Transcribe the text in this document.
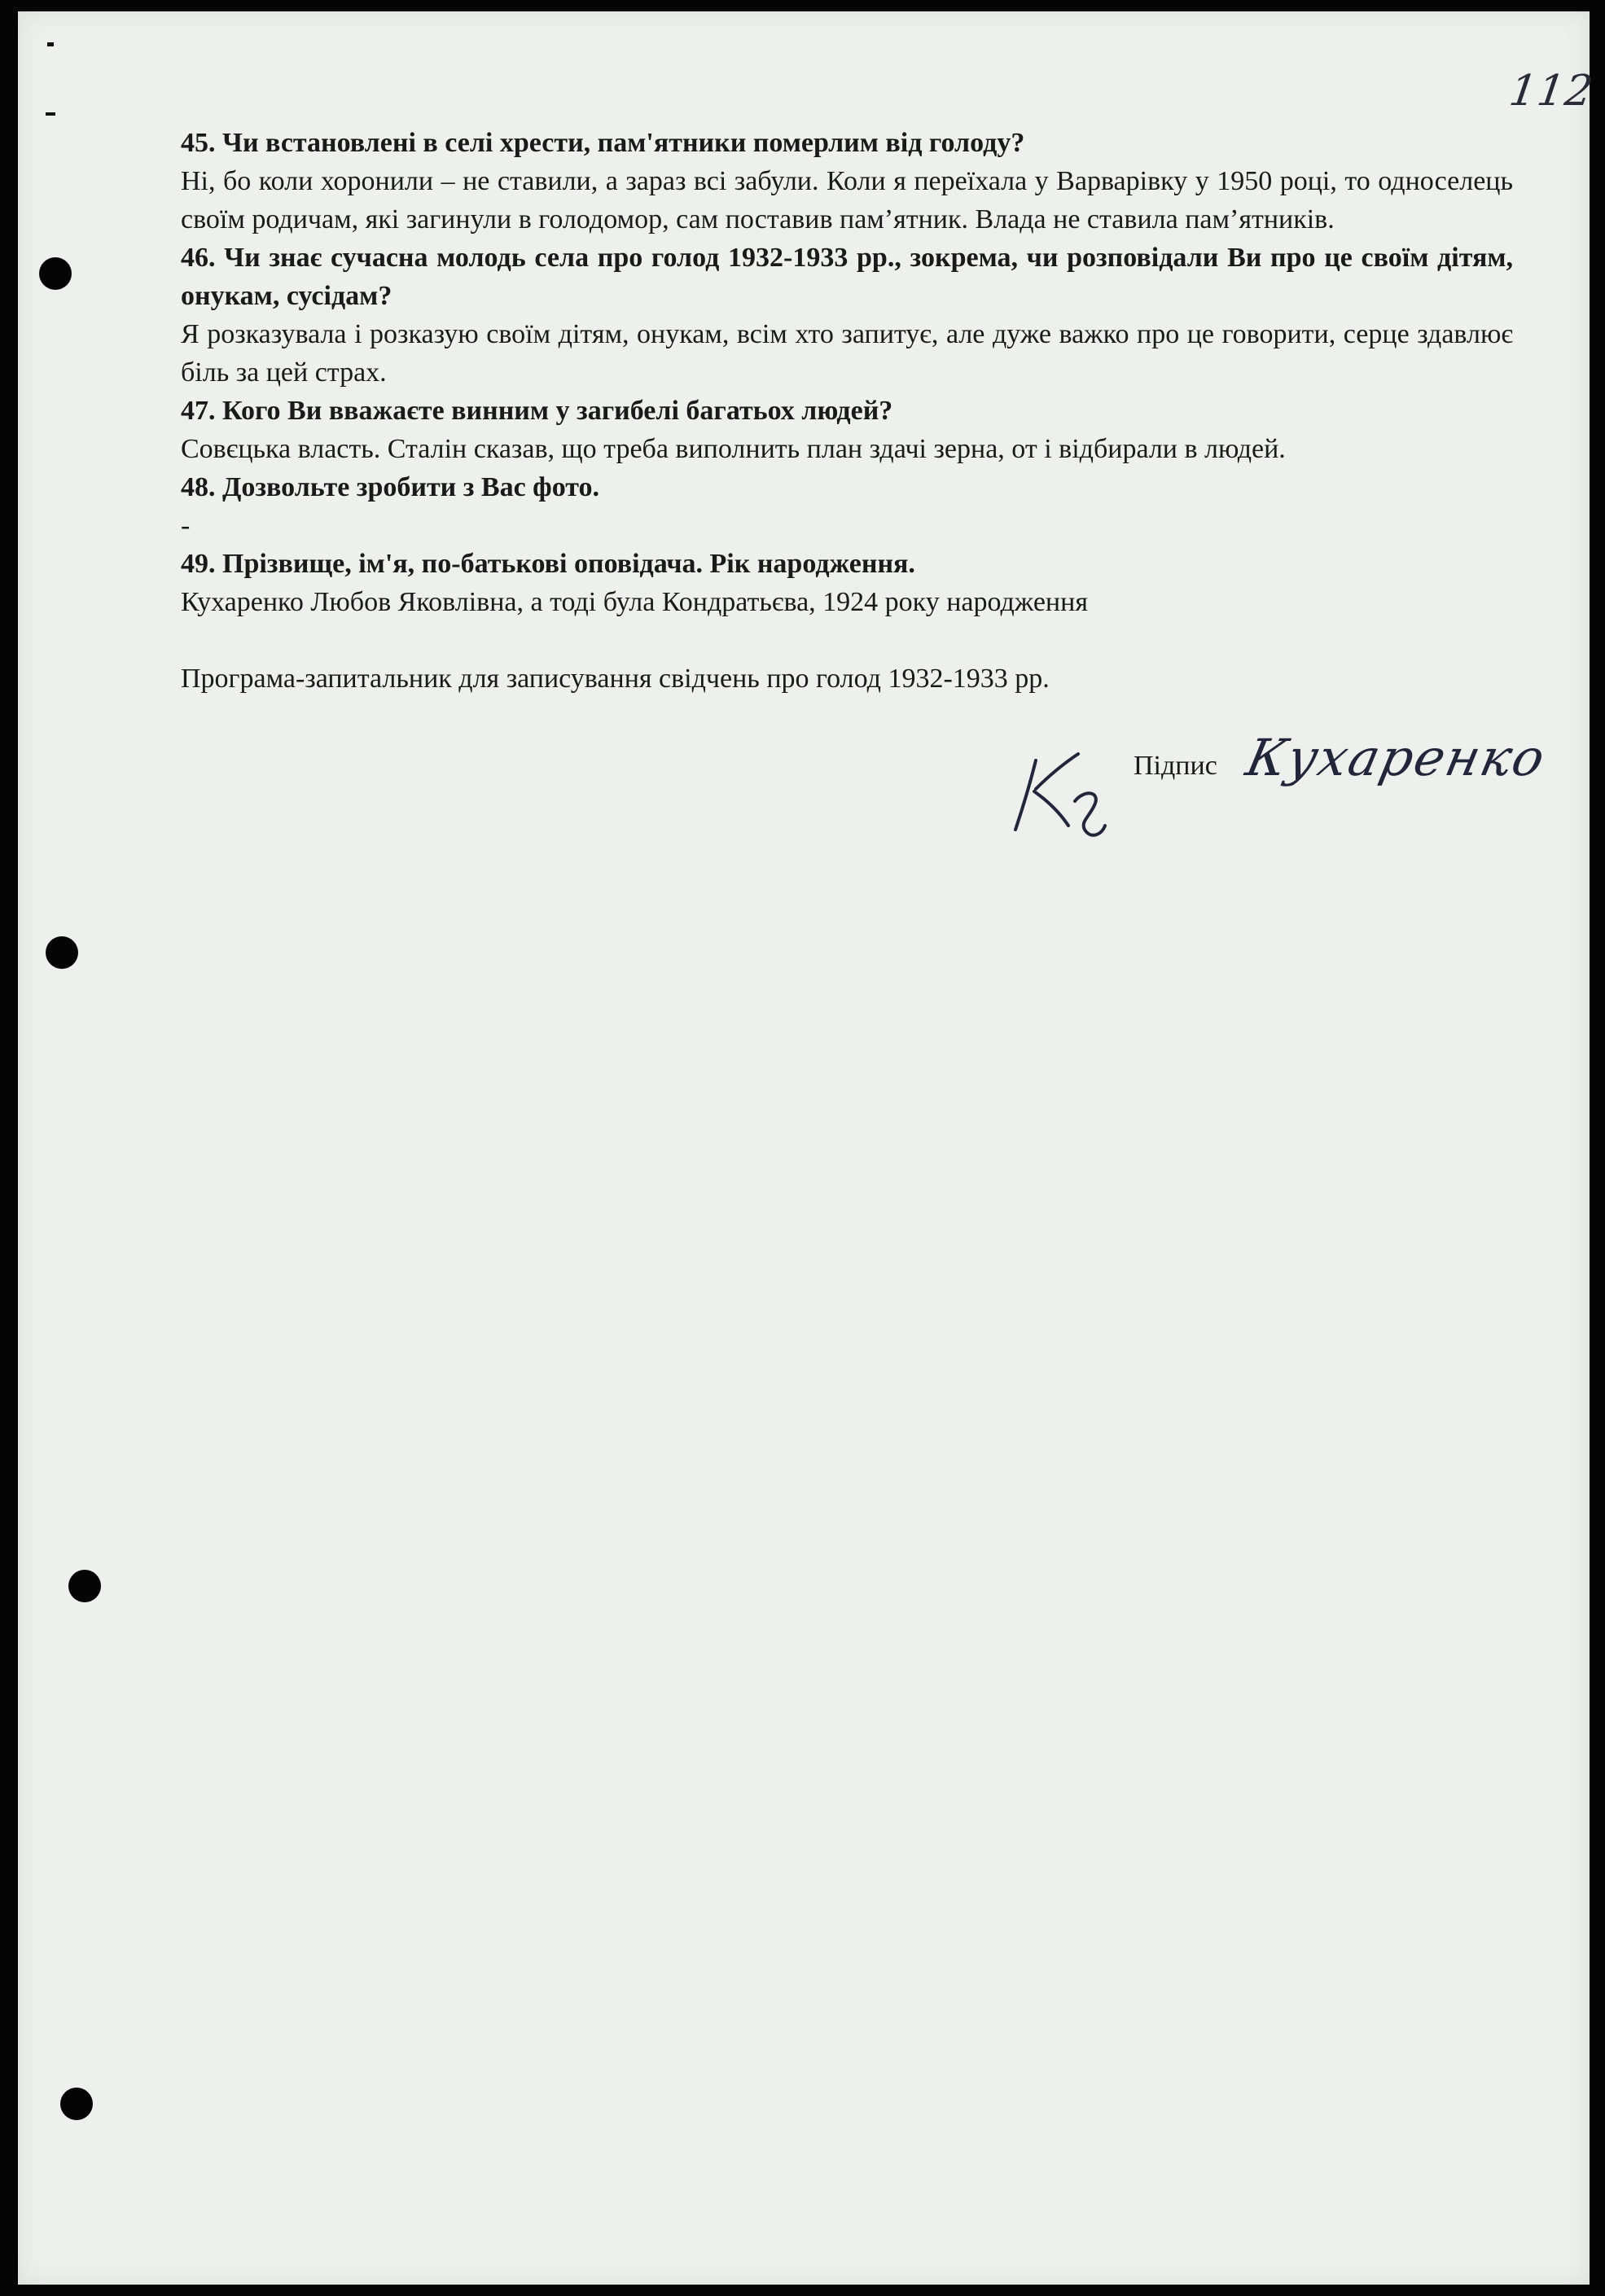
112

45. Чи встановлені в селі хрести, пам'ятники померлим від голоду?

Ні, бо коли хоронили – не ставили, а зараз всі забули. Коли я переїхала у Варварівку у 1950 році, то односелець своїм родичам, які загинули в голодомор, сам поставив пам’ятник. Влада не ставила пам’ятників.

46. Чи знає сучасна молодь села про голод 1932-1933 рр., зокрема, чи розповідали Ви про це своїм дітям, онукам, сусідам?

Я розказувала і розказую своїм дітям, онукам, всім хто запитує, але дуже важко про це говорити, серце здавлює біль за цей страх.

47. Кого Ви вважаєте винним у загибелі багатьох людей?

Совєцька власть. Сталін сказав, що треба виполнить план здачі зерна, от і відбирали в людей.

48. Дозвольте зробити з Вас фото.

-

49. Прізвище, ім'я, по-батькові оповідача. Рік народження.

Кухаренко Любов Яковлівна, а тоді була Кондратьєва, 1924 року народження

Програма-запитальник для записування свідчень про голод 1932-1933 рр.

Підпис Кухаренко
